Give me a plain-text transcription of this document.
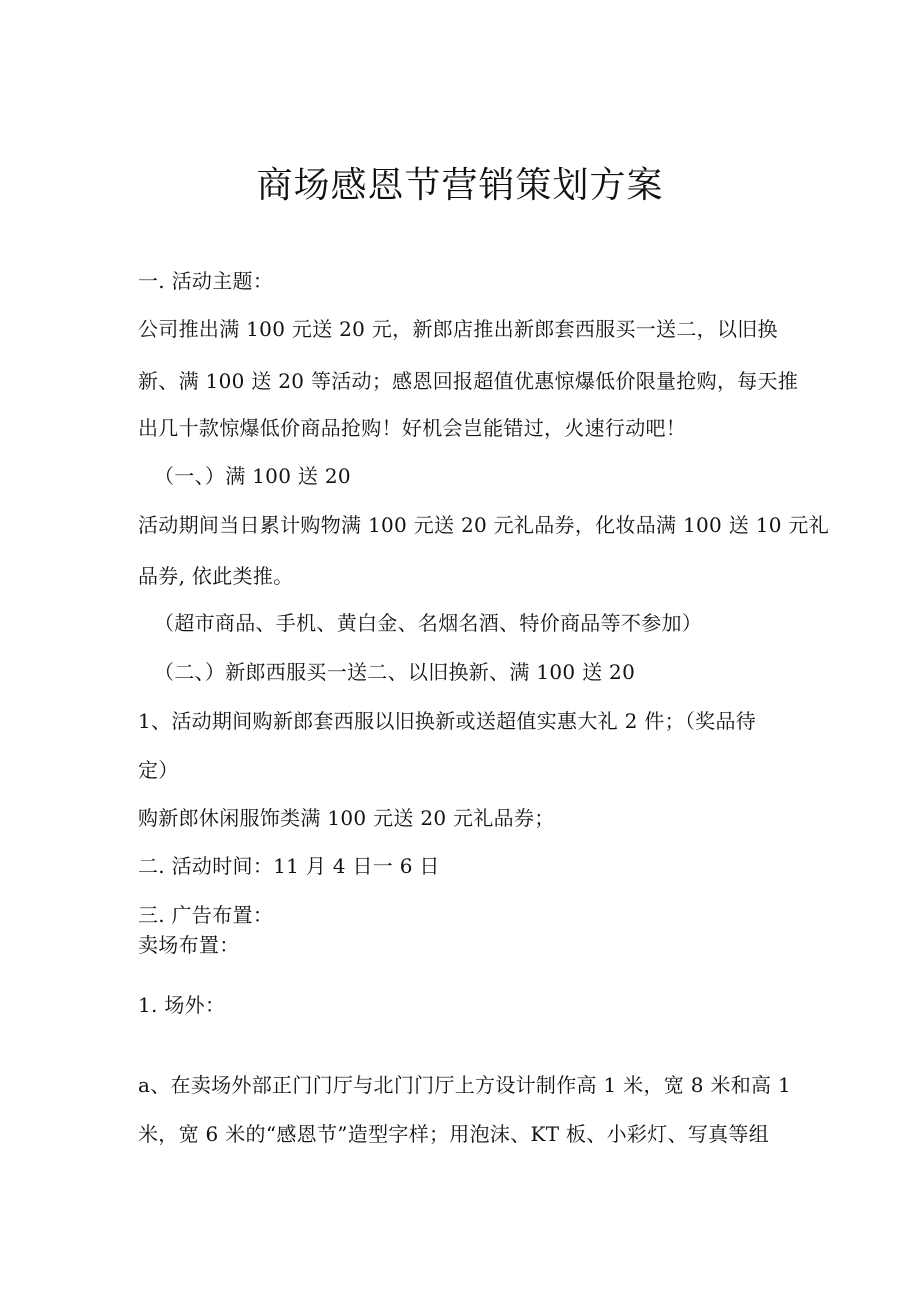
商场感恩节营销策划方案
一. 活动主题：
公司推出满 100 元送 20 元，新郎店推出新郎套西服买一送二，以旧换
新、满 100 送 20 等活动；感恩回报超值优惠惊爆低价限量抢购，每天推
出几十款惊爆低价商品抢购！好机会岂能错过，火速行动吧！
（一、）满 100 送 20
活动期间当日累计购物满 100 元送 20 元礼品券，化妆品满 100 送 10 元礼
品券, 依此类推。
（超市商品、手机、黄白金、名烟名酒、特价商品等不参加）
（二、）新郎西服买一送二、以旧换新、满 100 送 20
1、活动期间购新郎套西服以旧换新或送超值实惠大礼 2 件；（奖品待
定）
购新郎休闲服饰类满 100 元送 20 元礼品券；
二. 活动时间：11 月 4 日一 6 日
三. 广告布置：
卖场布置：
1. 场外：
a、在卖场外部正门门厅与北门门厅上方设计制作高 1 米，宽 8 米和高 1
米，宽 6 米的“感恩节”造型字样；用泡沫、KT 板、小彩灯、写真等组
